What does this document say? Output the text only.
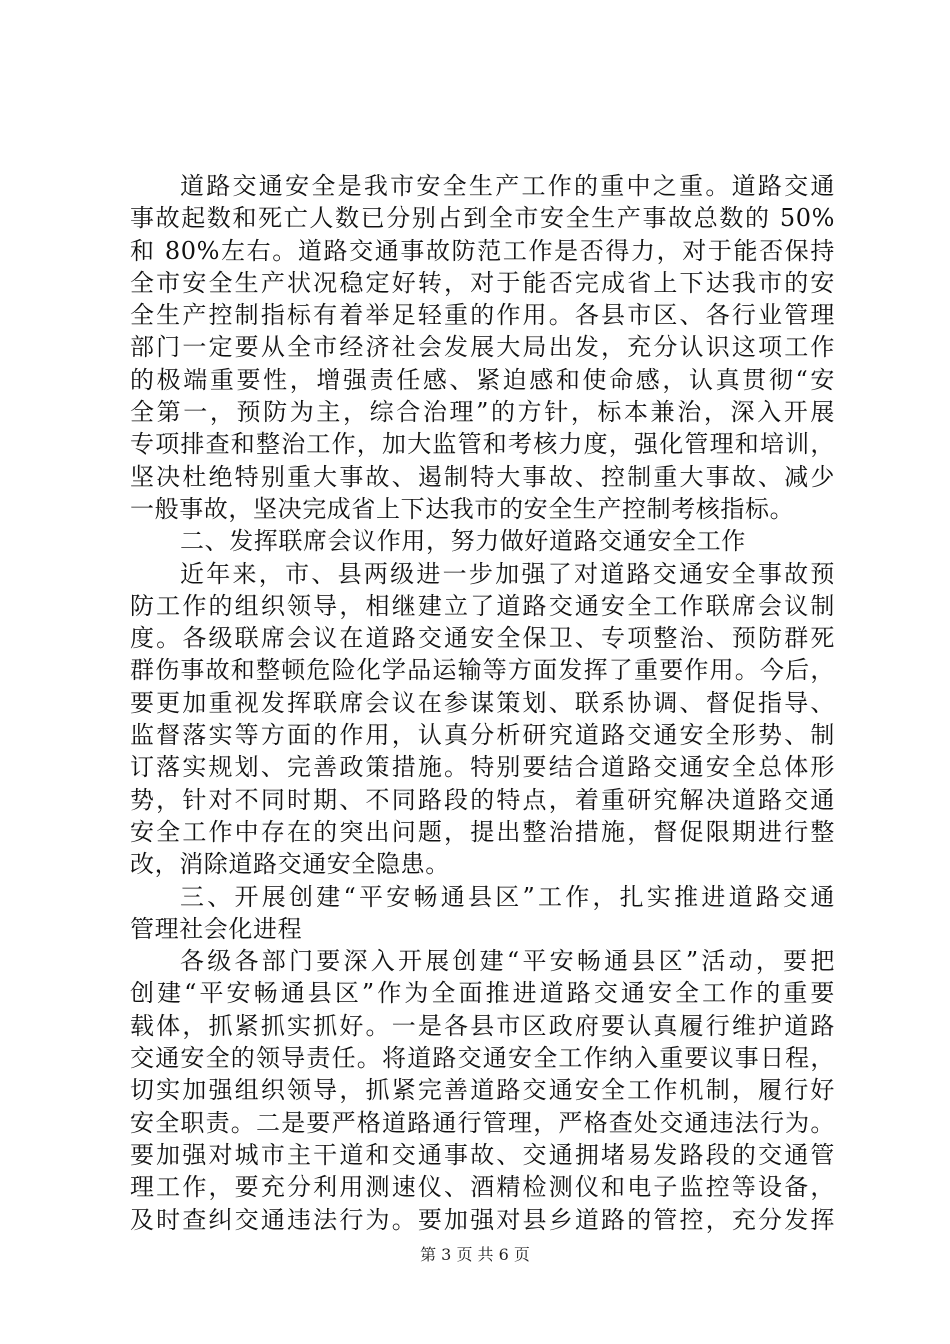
道路交通安全是我市安全生产工作的重中之重。道路交通
事故起数和死亡人数已分别占到全市安全生产事故总数的 50%
和 80%左右。道路交通事故防范工作是否得力，对于能否保持
全市安全生产状况稳定好转，对于能否完成省上下达我市的安
全生产控制指标有着举足轻重的作用。各县市区、各行业管理
部门一定要从全市经济社会发展大局出发，充分认识这项工作
的极端重要性，增强责任感、紧迫感和使命感，认真贯彻“安
全第一，预防为主，综合治理”的方针，标本兼治，深入开展
专项排查和整治工作，加大监管和考核力度，强化管理和培训，
坚决杜绝特别重大事故、遏制特大事故、控制重大事故、减少
一般事故，坚决完成省上下达我市的安全生产控制考核指标。
二、发挥联席会议作用，努力做好道路交通安全工作
近年来，市、县两级进一步加强了对道路交通安全事故预
防工作的组织领导，相继建立了道路交通安全工作联席会议制
度。各级联席会议在道路交通安全保卫、专项整治、预防群死
群伤事故和整顿危险化学品运输等方面发挥了重要作用。今后，
要更加重视发挥联席会议在参谋策划、联系协调、督促指导、
监督落实等方面的作用，认真分析研究道路交通安全形势、制
订落实规划、完善政策措施。特别要结合道路交通安全总体形
势，针对不同时期、不同路段的特点，着重研究解决道路交通
安全工作中存在的突出问题，提出整治措施，督促限期进行整
改，消除道路交通安全隐患。
三、开展创建“平安畅通县区”工作，扎实推进道路交通
管理社会化进程
各级各部门要深入开展创建“平安畅通县区”活动，要把
创建“平安畅通县区”作为全面推进道路交通安全工作的重要
载体，抓紧抓实抓好。一是各县市区政府要认真履行维护道路
交通安全的领导责任。将道路交通安全工作纳入重要议事日程，
切实加强组织领导，抓紧完善道路交通安全工作机制，履行好
安全职责。二是要严格道路通行管理，严格查处交通违法行为。
要加强对城市主干道和交通事故、交通拥堵易发路段的交通管
理工作，要充分利用测速仪、酒精检测仪和电子监控等设备，
及时查纠交通违法行为。要加强对县乡道路的管控，充分发挥
第 3 页 共 6 页
